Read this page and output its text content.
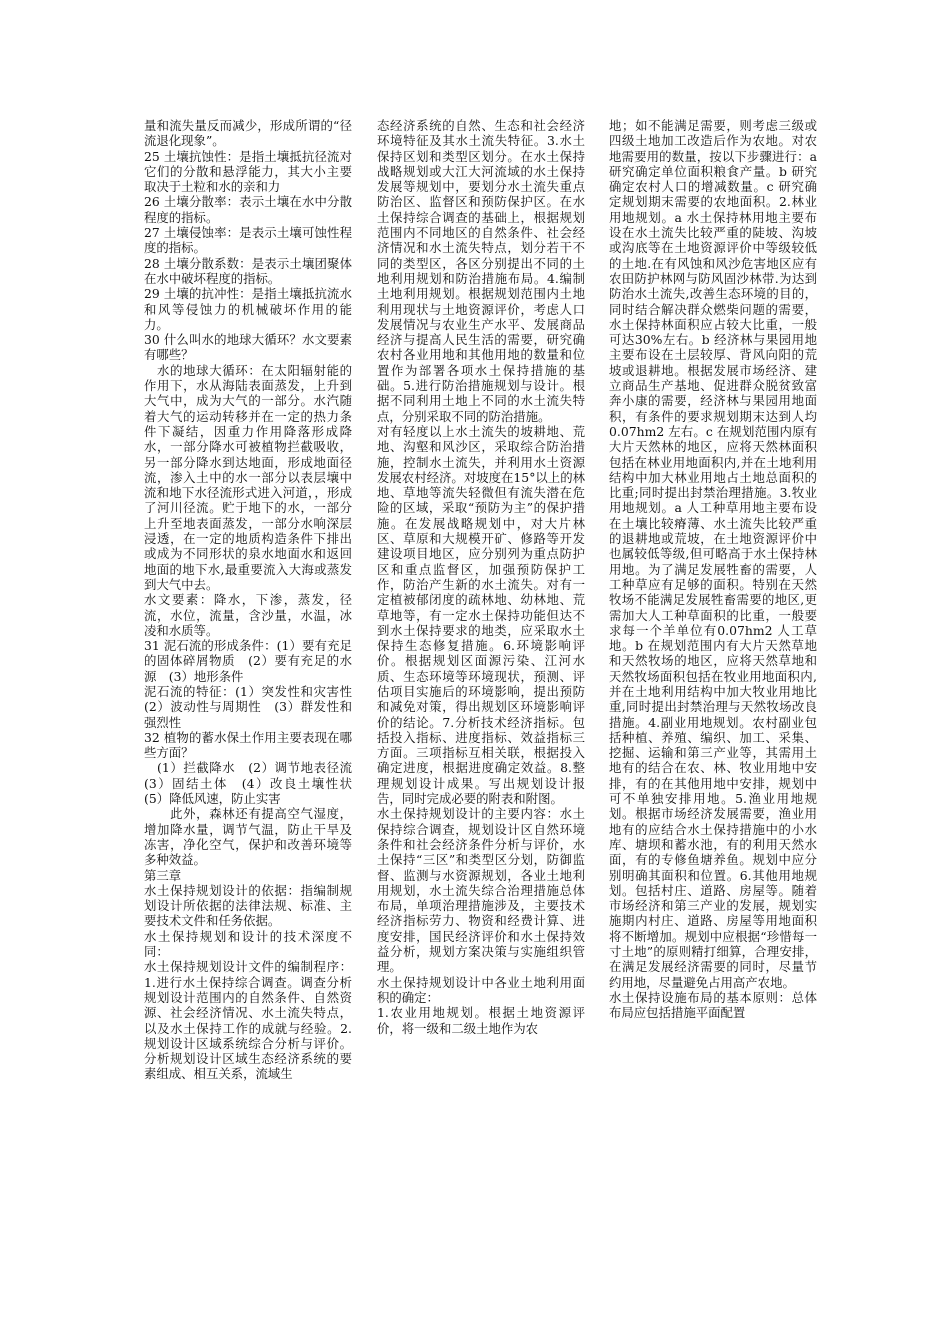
量和流失量反而减少，形成所谓的“径流退化现象”。

25 土壤抗蚀性：是指土壤抵抗径流对它们的分散和悬浮能力，其大小主要取决于土粒和水的亲和力

26 土壤分散率：表示土壤在水中分散程度的指标。

27 土壤侵蚀率：是表示土壤可蚀性程度的指标。

28 土壤分散系数：是表示土壤团聚体在水中破坏程度的指标。

29 土壤的抗冲性：是指土壤抵抗流水和风等侵蚀力的机械破坏作用的能力。

30 什么叫水的地球大循环？水文要素有哪些？

　水的地球大循环：在太阳辐射能的作用下，水从海陆表面蒸发，上升到大气中，成为大气的一部分。水汽随着大气的运动转移并在一定的热力条件下凝结，因重力作用降落形成降水，一部分降水可被植物拦截吸收，另一部分降水到达地面，形成地面径流，渗入土中的水一部分以表层壤中流和地下水径流形式进入河道，，形成了河川径流。贮于地下的水，一部分上升至地表面蒸发，一部分水响深层浸透，在一定的地质构造条件下排出或成为不同形状的泉水地面水和返回地面的地下水,最重要流入大海或蒸发到大气中去。

水文要素：降水，下渗，蒸发，径流，水位，流量，含沙量，水温，冰凌和水质等。

31 泥石流的形成条件：(1）要有充足的固体碎屑物质　(2）要有充足的水源　(3）地形条件

泥石流的特征：(1）突发性和灾害性　(2）波动性与周期性　(3）群发性和强烈性

32 植物的蓄水保土作用主要表现在哪些方面？

　(1）拦截降水　(2）调节地表径流　(3）固结土体　(4）改良土壤性状　(5）降低风速，防止实害

　　此外，森林还有提高空气湿度，增加降水量，调节气温，防止干旱及冻害，净化空气，保护和改善环境等多种效益。

第三章

水土保持规划设计的依据：指编制规划设计所依据的法律法规、标准、主要技术文件和任务依据。

水土保持规划和设计的技术深度不同：

水土保持规划设计文件的编制程序：1.进行水土保持综合调查。调查分析规划设计范围内的自然条件、自然资源、社会经济情况、水土流失特点，以及水土保持工作的成就与经验。2.规划设计区域系统综合分析与评价。分析规划设计区域生态经济系统的要素组成、相互关系，流域生

态经济系统的自然、生态和社会经济环境特征及其水土流失特征。3.水土保持区划和类型区划分。在水土保持战略规划或大江大河流域的水土保持发展等规划中，要划分水土流失重点防治区、监督区和预防保护区。在水土保持综合调查的基础上，根据规划范围内不同地区的自然条件、社会经济情况和水土流失特点，划分若干不同的类型区，各区分别提出不同的土地利用规划和防治措施布局。4.编制土地利用规划。根据规划范围内土地利用现状与土地资源评价，考虑人口发展情况与农业生产水平、发展商品经济与提高人民生活的需要，研究确农村各业用地和其他用地的数量和位置作为部署各项水土保持措施的基础。5.进行防治措施规划与设计。根据不同利用土地上不同的水土流失特点，分别采取不同的防治措施。

对有轻度以上水土流失的坡耕地、荒地、沟壑和风沙区，采取综合防治措施，控制水土流失，并利用水土资源发展农村经济。对坡度在15°以上的林地、草地等流失轻微但有流失潜在危险的区域，采取“预防为主”的保护措施。在发展战略规划中，对大片林区、草原和大规模开矿、修路等开发建设项目地区，应分别列为重点防护区和重点监督区，加强预防保护工作，防治产生新的水土流失。对有一定植被郁闭度的疏林地、幼林地、荒草地等，有一定水土保持功能但达不到水土保持要求的地类，应采取水土保持生态修复措施。6.环境影响评价。根据规划区面源污染、江河水质、生态环境等环境现状，预测、评估项目实施后的环境影响，提出预防和减免对策，得出规划区环境影响评价的结论。7.分析技术经济指标。包括投入指标、进度指标、效益指标三方面。三项指标互相关联，根据投入确定进度，根据进度确定效益。8.整理规划设计成果。写出规划设计报告，同时完成必要的附表和附图。

水土保持规划设计的主要内容：水土保持综合调查，规划设计区自然环境条件和社会经济条件分析与评价，水土保持“三区”和类型区分划，防御监督、监测与水资源规划，各业土地利用规划，水土流失综合治理措施总体布局，单项治理措施涉及，主要技术经济指标劳力、物资和经费计算、进度安排，国民经济评价和水土保持效益分析，规划方案决策与实施组织管理。

水土保持规划设计中各业土地利用面积的确定：

1.农业用地规划。根据土地资源评价，将一级和二级土地作为农

地；如不能满足需要，则考虑三级或四级土地加工改造后作为农地。对农地需要用的数量，按以下步骤进行：a 研究确定单位面积粮食产量。b 研究确定农村人口的增减数量。c 研究确定规划期末需要的农地面积。2.林业用地规划。a 水土保持林用地主要布设在水土流失比较严重的陡坡、沟坡或沟底等在土地资源评价中等级较低的土地.在有风蚀和风沙危害地区应有农田防护林网与防风固沙林带.为达到防治水土流失,改善生态环境的目的，同时结合解决群众燃柴问题的需要，水土保持林面积应占较大比重，一般可达30%左右。b 经济林与果园用地主要布设在土层较厚、背风向阳的荒坡或退耕地。根据发展市场经济、建立商品生产基地、促进群众脱贫致富奔小康的需要，经济林与果园用地面积，有条件的要求规划期末达到人均 0.07hm2 左右。c 在规划范围内原有大片天然林的地区，应将天然林面积包括在林业用地面积内,并在土地利用结构中加大林业用地占土地总面积的比重;同时提出封禁治理措施。3.牧业用地规划。a 人工种草用地主要布设在土壤比较瘠薄、水土流失比较严重的退耕地或荒坡，在土地资源评价中也属较低等级,但可略高于水土保持林用地。为了满足发展牲畜的需要，人工种草应有足够的面积。特别在天然牧场不能满足发展牲畜需要的地区,更需加大人工种草面积的比重，一般要求每一个羊单位有0.07hm2 人工草地。b 在规划范围内有大片天然草地和天然牧场的地区，应将天然草地和天然牧场面积包括在牧业用地面积内,并在土地利用结构中加大牧业用地比重,同时提出封禁治理与天然牧场改良措施。4.副业用地规划。农村副业包括种植、养殖、编织、加工、采集、挖掘、运输和第三产业等，其需用土地有的结合在农、林、牧业用地中安排，有的在其他用地中安排，规划中可不单独安排用地。5.渔业用地规划。根据市场经济发展需要，渔业用地有的应结合水土保持措施中的小水库、塘坝和蓄水池，有的利用天然水面，有的专修鱼塘养鱼。规划中应分别明确其面积和位置。6.其他用地规划。包括村庄、道路、房屋等。随着市场经济和第三产业的发展，规划实施期内村庄、道路、房屋等用地面积将不断增加。规划中应根据“珍惜每一寸土地”的原则精打细算，合理安排，在满足发展经济需要的同时，尽量节约用地，尽量避免占用高产农地。

水土保持设施布局的基本原则：总体布局应包括措施平面配置
